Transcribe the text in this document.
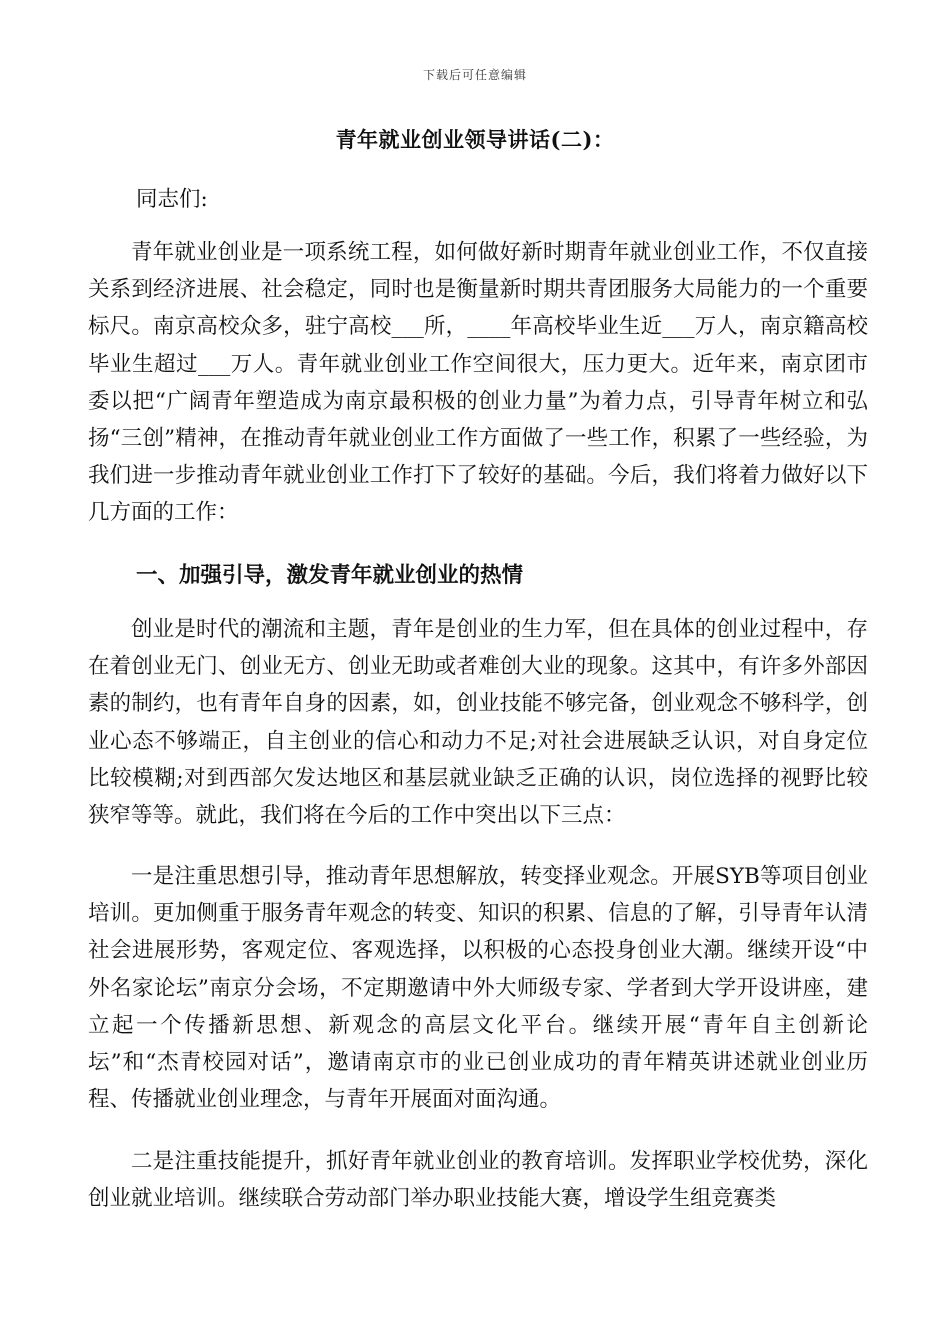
下载后可任意编辑
青年就业创业领导讲话(二)：
同志们:
青年就业创业是一项系统工程，如何做好新时期青年就业创业工作，不仅直接关系到经济进展、社会稳定，同时也是衡量新时期共青团服务大局能力的一个重要标尺。南京高校众多，驻宁高校___所，____年高校毕业生近___万人，南京籍高校毕业生超过___万人。青年就业创业工作空间很大，压力更大。近年来，南京团市委以把“广阔青年塑造成为南京最积极的创业力量”为着力点，引导青年树立和弘扬“三创”精神，在推动青年就业创业工作方面做了一些工作，积累了一些经验，为我们进一步推动青年就业创业工作打下了较好的基础。今后，我们将着力做好以下几方面的工作：
一、加强引导，激发青年就业创业的热情
创业是时代的潮流和主题，青年是创业的生力军，但在具体的创业过程中，存在着创业无门、创业无方、创业无助或者难创大业的现象。这其中，有许多外部因素的制约，也有青年自身的因素，如，创业技能不够完备，创业观念不够科学，创业心态不够端正，自主创业的信心和动力不足;对社会进展缺乏认识，对自身定位比较模糊;对到西部欠发达地区和基层就业缺乏正确的认识，岗位选择的视野比较狭窄等等。就此，我们将在今后的工作中突出以下三点：
一是注重思想引导，推动青年思想解放，转变择业观念。开展SYB等项目创业培训。更加侧重于服务青年观念的转变、知识的积累、信息的了解，引导青年认清社会进展形势，客观定位、客观选择，以积极的心态投身创业大潮。继续开设“中外名家论坛”南京分会场，不定期邀请中外大师级专家、学者到大学开设讲座，建立起一个传播新思想、新观念的高层文化平台。继续开展“青年自主创新论坛”和“杰青校园对话”，邀请南京市的业已创业成功的青年精英讲述就业创业历程、传播就业创业理念，与青年开展面对面沟通。
二是注重技能提升，抓好青年就业创业的教育培训。发挥职业学校优势，深化创业就业培训。继续联合劳动部门举办职业技能大赛，增设学生组竞赛类
